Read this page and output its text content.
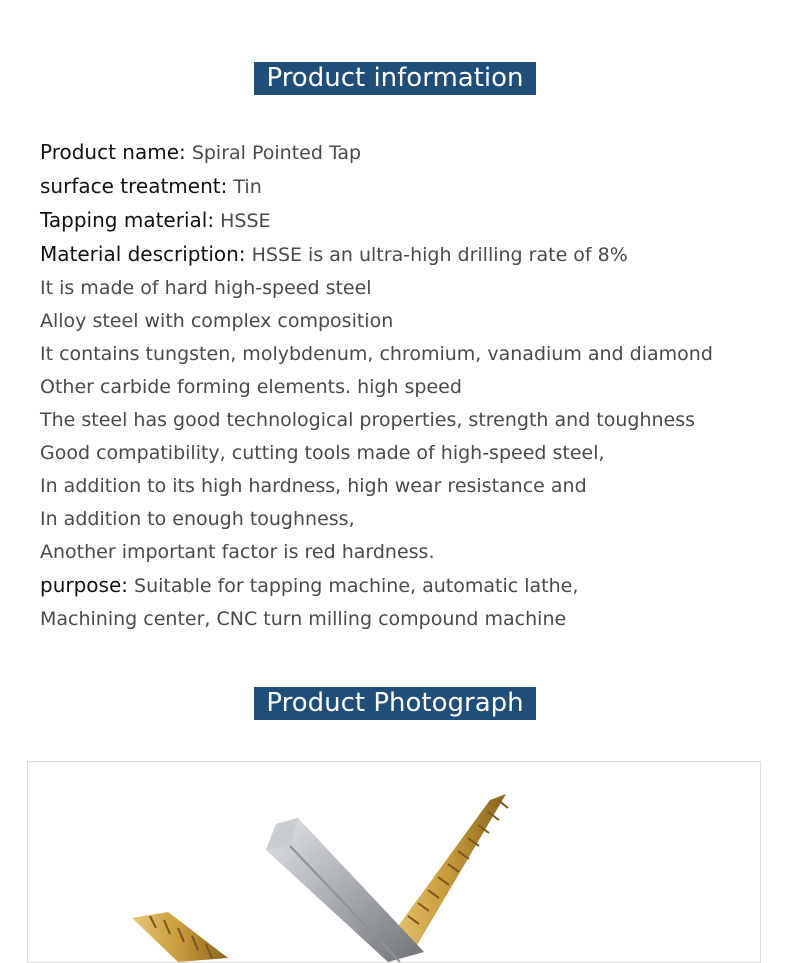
Product information
Product name: Spiral Pointed Tap
surface treatment: Tin
Tapping material: HSSE
Material description: HSSE is an ultra-high drilling rate of 8%
It is made of hard high-speed steel
Alloy steel with complex composition
It contains tungsten, molybdenum, chromium, vanadium and diamond
Other carbide forming elements. high speed
The steel has good technological properties, strength and toughness
Good compatibility, cutting tools made of high-speed steel,
In addition to its high hardness, high wear resistance and
In addition to enough toughness,
Another important factor is red hardness.
purpose: Suitable for tapping machine, automatic lathe,
Machining center, CNC turn milling compound machine
Product Photograph
